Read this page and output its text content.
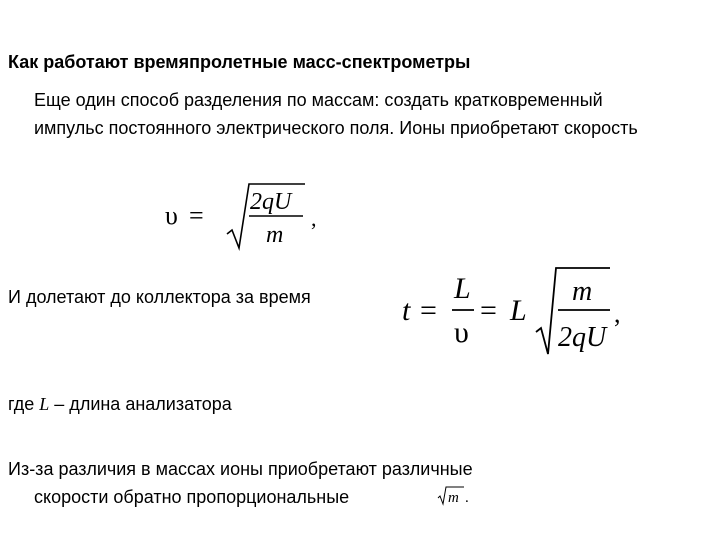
Как работают времяпролетные масс-спектрометры
Еще один способ разделения по массам: создать кратковременный импульс постоянного электрического поля. Ионы приобретают скорость
υ = 2qU
m
,
И долетают до коллектора за время	t =
L
υ
= L
m
2qU
,
где L – длина анализатора
Из-за различия в массах ионы приобретают различные
скорости обратно пропорциональные	m .
